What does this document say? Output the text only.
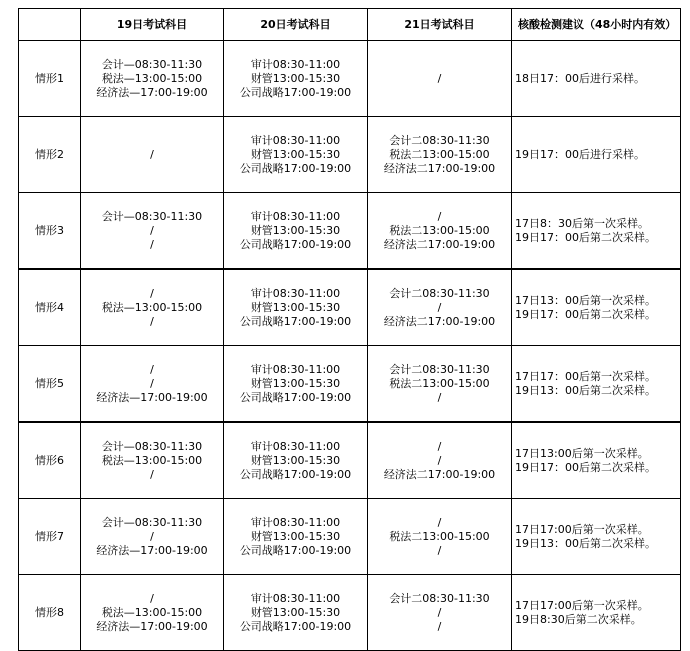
	19日考试科目	20日考试科目	21日考试科目	核酸检测建议（48小时内有效）
情形1	会计—08:30-11:30
税法—13:00-15:00
经济法—17:00-19:00	审计08:30-11:00
财管13:00-15:30
公司战略17:00-19:00	/	18日17：00后进行采样。

情形2	/	审计08:30-11:00
财管13:00-15:30
公司战略17:00-19:00	会计二08:30-11:30
税法二13:00-15:00
经济法二17:00-19:00	19日17：00后进行采样。

情形3	会计—08:30-11:30
/
/	审计08:30-11:00
财管13:00-15:30
公司战略17:00-19:00	/
税法二13:00-15:00
经济法二17:00-19:00	17日8：30后第一次采样。
19日17：00后第二次采样。

情形4	/
税法—13:00-15:00
/	审计08:30-11:00
财管13:00-15:30
公司战略17:00-19:00	会计二08:30-11:30
/
经济法二17:00-19:00	17日13：00后第一次采样。
19日17：00后第二次采样。

情形5	/
/
经济法—17:00-19:00	审计08:30-11:00
财管13:00-15:30
公司战略17:00-19:00	会计二08:30-11:30
税法二13:00-15:00
/	17日17：00后第一次采样。
19日13：00后第二次采样。

情形6	会计—08:30-11:30
税法—13:00-15:00
/	审计08:30-11:00
财管13:00-15:30
公司战略17:00-19:00	/
/
经济法二17:00-19:00	17日13:00后第一次采样。
19日17：00后第二次采样。

情形7	会计—08:30-11:30
/
经济法—17:00-19:00	审计08:30-11:00
财管13:00-15:30
公司战略17:00-19:00	/
税法二13:00-15:00
/	17日17:00后第一次采样。
19日13：00后第二次采样。

情形8	/
税法—13:00-15:00
经济法—17:00-19:00	审计08:30-11:00
财管13:00-15:30
公司战略17:00-19:00	会计二08:30-11:30
/
/	17日17:00后第一次采样。
19日8:30后第二次采样。
